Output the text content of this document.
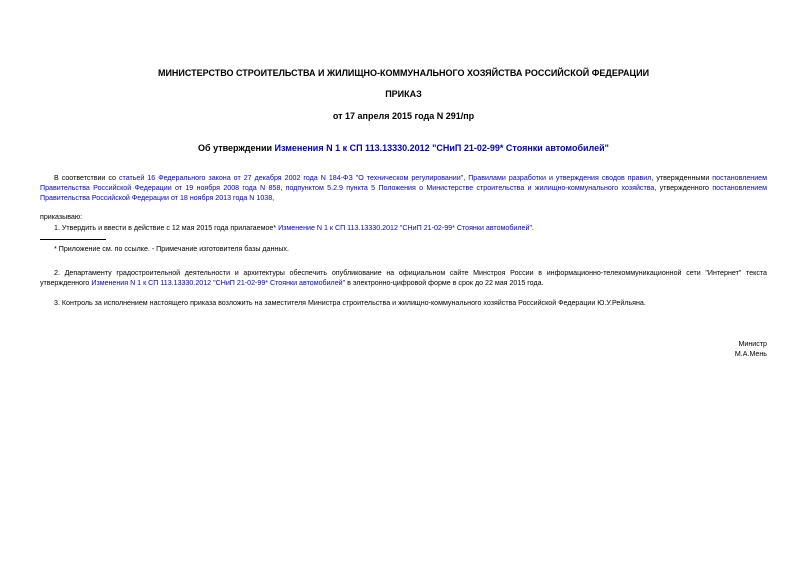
МИНИСТЕРСТВО СТРОИТЕЛЬСТВА И ЖИЛИЩНО-КОММУНАЛЬНОГО ХОЗЯЙСТВА РОССИЙСКОЙ ФЕДЕРАЦИИ
ПРИКАЗ
от 17 апреля 2015 года N 291/пр
Об утверждении Изменения N 1 к СП 113.13330.2012 "СНиП 21-02-99* Стоянки автомобилей"
В соответствии со статьей 16 Федерального закона от 27 декабря 2002 года N 184-ФЗ "О техническом регулировании", Правилами разработки и утверждения сводов правил, утвержденными постановлением Правительства Российской Федерации от 19 ноября 2008 года N 858, подпунктом 5.2.9 пункта 5 Положения о Министерстве строительства и жилищно-коммунального хозяйства, утвержденного постановлением Правительства Российской Федерации от 18 ноября 2013 года N 1038,
приказываю:
1. Утвердить и ввести в действие с 12 мая 2015 года прилагаемое* Изменение N 1 к СП 113.13330.2012 "СНиП 21-02-99* Стоянки автомобилей".
* Приложение см. по ссылке. - Примечание изготовителя базы данных.
2. Департаменту градостроительной деятельности и архитектуры обеспечить опубликование на официальном сайте Минстроя России в информационно-телекоммуникационной сети "Интернет" текста утвержденного Изменения N 1 к СП 113.13330.2012 "СНиП 21-02-99* Стоянки автомобилей" в электронно-цифровой форме в срок до 22 мая 2015 года.
3. Контроль за исполнением настоящего приказа возложить на заместителя Министра строительства и жилищно-коммунального хозяйства Российской Федерации Ю.У.Рейльяна.
Министр
М.А.Мень
